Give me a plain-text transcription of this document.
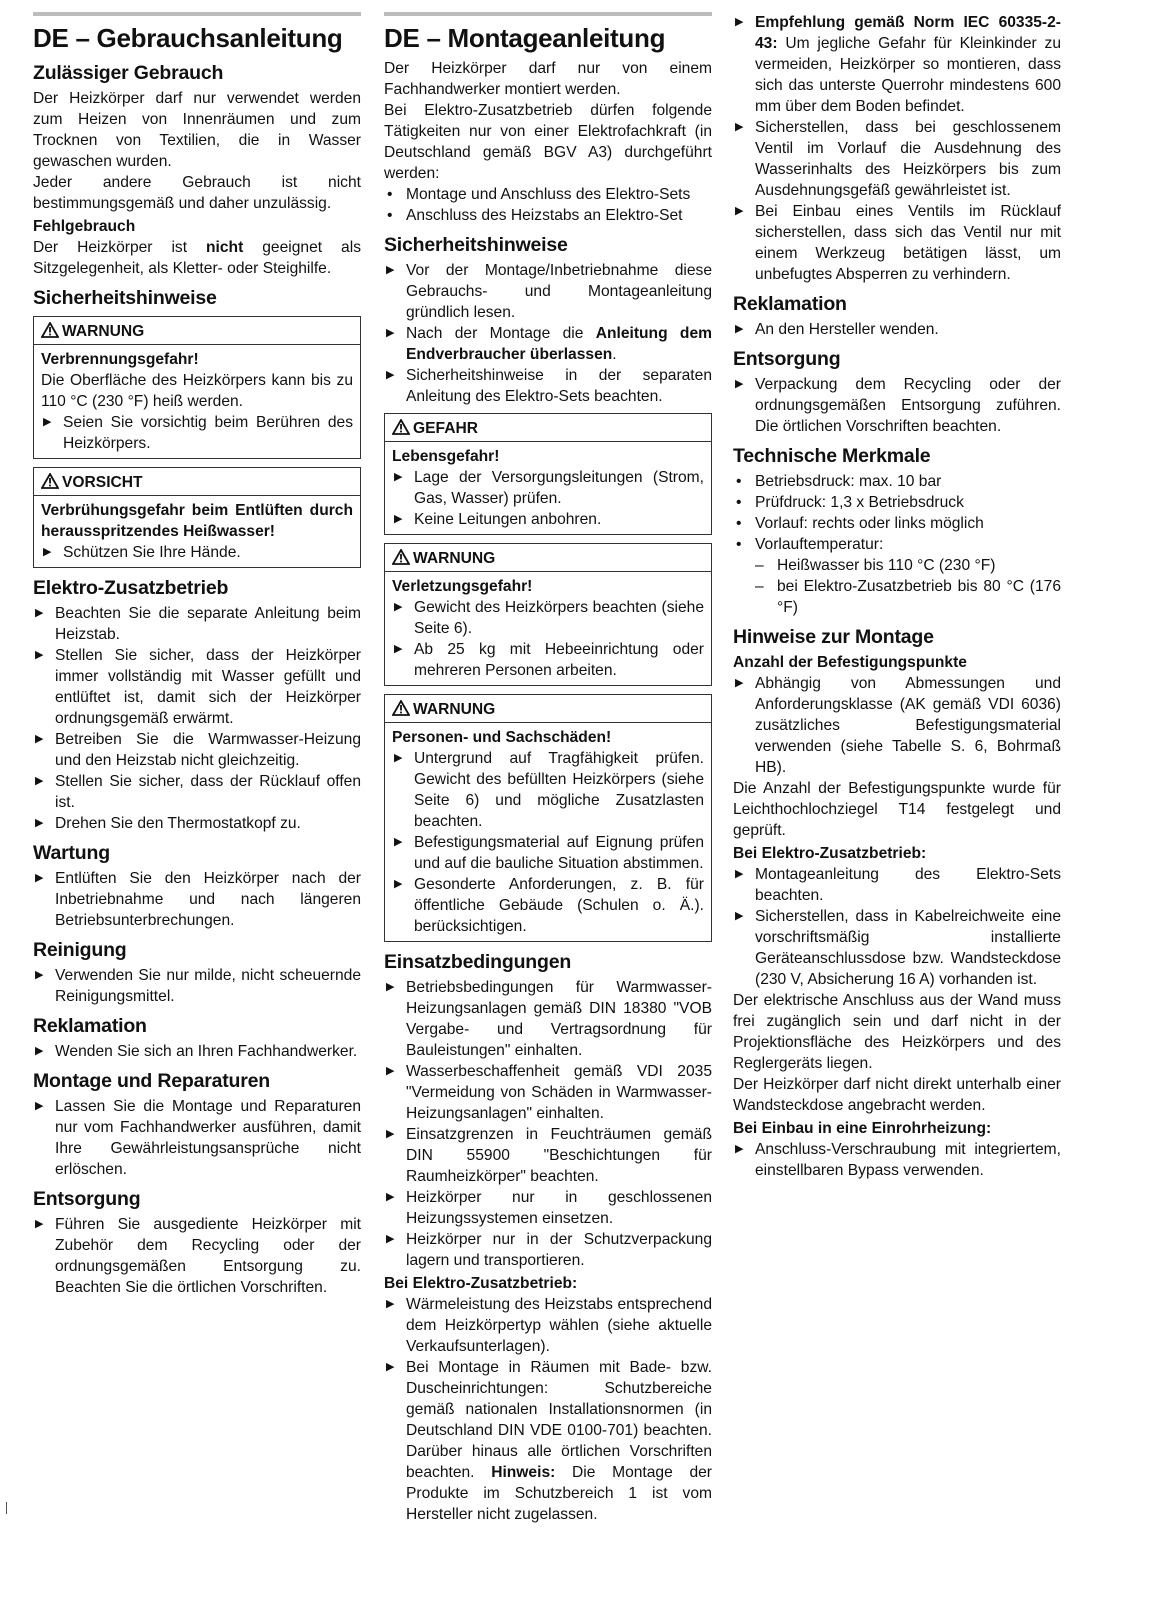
DE – Gebrauchsanleitung
Zulässiger Gebrauch

Der Heizkörper darf nur verwendet werden zum Heizen von Innenräumen und zum Trocknen von Textilien, die in Wasser gewaschen wurden.

Jeder andere Gebrauch ist nicht bestimmungsgemäß und daher unzulässig.

Fehlgebrauch

Der Heizkörper ist nicht geeignet als Sitzgelegenheit, als Kletter- oder Steighilfe.

Sicherheitshinweise
WARNUNG
Verbrennungsgefahr!

Die Oberfläche des Heizkörpers kann bis zu 110 °C (230 °F) heiß werden.

▶ Seien Sie vorsichtig beim Berühren des Heizkörpers.
VORSICHT
Verbrühungsgefahr beim Entlüften durch herausspritzendes Heißwasser!
▶ Schützen Sie Ihre Hände.
Elektro-Zusatzbetrieb
▶ Beachten Sie die separate Anleitung beim Heizstab.
▶ Stellen Sie sicher, dass der Heizkörper immer vollständig mit Wasser gefüllt und entlüftet ist, damit sich der Heizkörper ordnungsgemäß erwärmt.
▶ Betreiben Sie die Warmwasser-Heizung und den Heizstab nicht gleichzeitig.
▶ Stellen Sie sicher, dass der Rücklauf offen ist.
▶ Drehen Sie den Thermostatkopf zu.
Wartung
▶ Entlüften Sie den Heizkörper nach der Inbetriebnahme und nach längeren Betriebsunterbrechungen.
Reinigung
▶ Verwenden Sie nur milde, nicht scheuernde Reinigungsmittel.
Reklamation
▶ Wenden Sie sich an Ihren Fachhandwerker.
Montage und Reparaturen
▶ Lassen Sie die Montage und Reparaturen nur vom Fachhandwerker ausführen, damit Ihre Gewährleistungsansprüche nicht erlöschen.
Entsorgung
▶ Führen Sie ausgediente Heizkörper mit Zubehör dem Recycling oder der ordnungsgemäßen Entsorgung zu. Beachten Sie die örtlichen Vorschriften.
DE – Montageanleitung

Der Heizkörper darf nur von einem Fachhandwerker montiert werden.

Bei Elektro-Zusatzbetrieb dürfen folgende Tätigkeiten nur von einer Elektrofachkraft (in Deutschland gemäß BGV A3) durchgeführt werden:

• Montage und Anschluss des Elektro-Sets
• Anschluss des Heizstabs an Elektro-Set
Sicherheitshinweise
▶ Vor der Montage/Inbetriebnahme diese Gebrauchs- und Montageanleitung gründlich lesen.
▶ Nach der Montage die Anleitung dem Endverbraucher überlassen.
▶ Sicherheitshinweise in der separaten Anleitung des Elektro-Sets beachten.
GEFAHR
Lebensgefahr!
▶ Lage der Versorgungsleitungen (Strom, Gas, Wasser) prüfen.
▶ Keine Leitungen anbohren.
WARNUNG
Verletzungsgefahr!
▶ Gewicht des Heizkörpers beachten (siehe Seite 6).
▶ Ab 25 kg mit Hebeeinrichtung oder mehreren Personen arbeiten.
WARNUNG
Personen- und Sachschäden!
▶ Untergrund auf Tragfähigkeit prüfen. Gewicht des befüllten Heizkörpers (siehe Seite 6) und mögliche Zusatzlasten beachten.
▶ Befestigungsmaterial auf Eignung prüfen und auf die bauliche Situation abstimmen.
▶ Gesonderte Anforderungen, z. B. für öffentliche Gebäude (Schulen o. Ä.). berücksichtigen.
Einsatzbedingungen
▶ Betriebsbedingungen für Warmwasser-Heizungsanlagen gemäß DIN 18380 "VOB Vergabe- und Vertragsordnung für Bauleistungen" einhalten.
▶ Wasserbeschaffenheit gemäß VDI 2035 "Vermeidung von Schäden in Warmwasser-Heizungsanlagen" einhalten.
▶ Einsatzgrenzen in Feuchträumen gemäß DIN 55900 "Beschichtungen für Raumheizkörper" beachten.
▶ Heizkörper nur in geschlossenen Heizungssystemen einsetzen.
▶ Heizkörper nur in der Schutzverpackung lagern und transportieren.
Bei Elektro-Zusatzbetrieb:
▶ Wärmeleistung des Heizstabs entsprechend dem Heizkörpertyp wählen (siehe aktuelle Verkaufsunterlagen).
▶ Bei Montage in Räumen mit Bade- bzw. Duscheinrichtungen: Schutzbereiche gemäß nationalen Installationsnormen (in Deutschland DIN VDE 0100-701) beachten. Darüber hinaus alle örtlichen Vorschriften beachten. Hinweis: Die Montage der Produkte im Schutzbereich 1 ist vom Hersteller nicht zugelassen.
▶ Empfehlung gemäß Norm IEC 60335-2-43: Um jegliche Gefahr für Kleinkinder zu vermeiden, Heizkörper so montieren, dass sich das unterste Querrohr mindestens 600 mm über dem Boden befindet.
▶ Sicherstellen, dass bei geschlossenem Ventil im Vorlauf die Ausdehnung des Wasserinhalts des Heizkörpers bis zum Ausdehnungsgefäß gewährleistet ist.
▶ Bei Einbau eines Ventils im Rücklauf sicherstellen, dass sich das Ventil nur mit einem Werkzeug betätigen lässt, um unbefugtes Absperren zu verhindern.
Reklamation
▶ An den Hersteller wenden.
Entsorgung
▶ Verpackung dem Recycling oder der ordnungsgemäßen Entsorgung zuführen. Die örtlichen Vorschriften beachten.
Technische Merkmale
• Betriebsdruck: max. 10 bar
• Prüfdruck: 1,3 x Betriebsdruck
• Vorlauf: rechts oder links möglich
• Vorlauftemperatur:
– Heißwasser bis 110 °C (230 °F)
– bei Elektro-Zusatzbetrieb bis 80 °C (176 °F)
Hinweise zur Montage
Anzahl der Befestigungspunkte
▶ Abhängig von Abmessungen und Anforderungsklasse (AK gemäß VDI 6036) zusätzliches Befestigungsmaterial verwenden (siehe Tabelle S. 6, Bohrmaß HB).

Die Anzahl der Befestigungspunkte wurde für Leichthochlochziegel T14 festgelegt und geprüft.

Bei Elektro-Zusatzbetrieb:
▶ Montageanleitung des Elektro-Sets beachten.
▶ Sicherstellen, dass in Kabelreichweite eine vorschriftsmäßig installierte Geräteanschlussdose bzw. Wandsteckdose (230 V, Absicherung 16 A) vorhanden ist.

Der elektrische Anschluss aus der Wand muss frei zugänglich sein und darf nicht in der Projektionsfläche des Heizkörpers und des Reglergeräts liegen.

Der Heizkörper darf nicht direkt unterhalb einer Wandsteckdose angebracht werden.

Bei Einbau in eine Einrohrheizung:
▶ Anschluss-Verschraubung mit integriertem, einstellbaren Bypass verwenden.
